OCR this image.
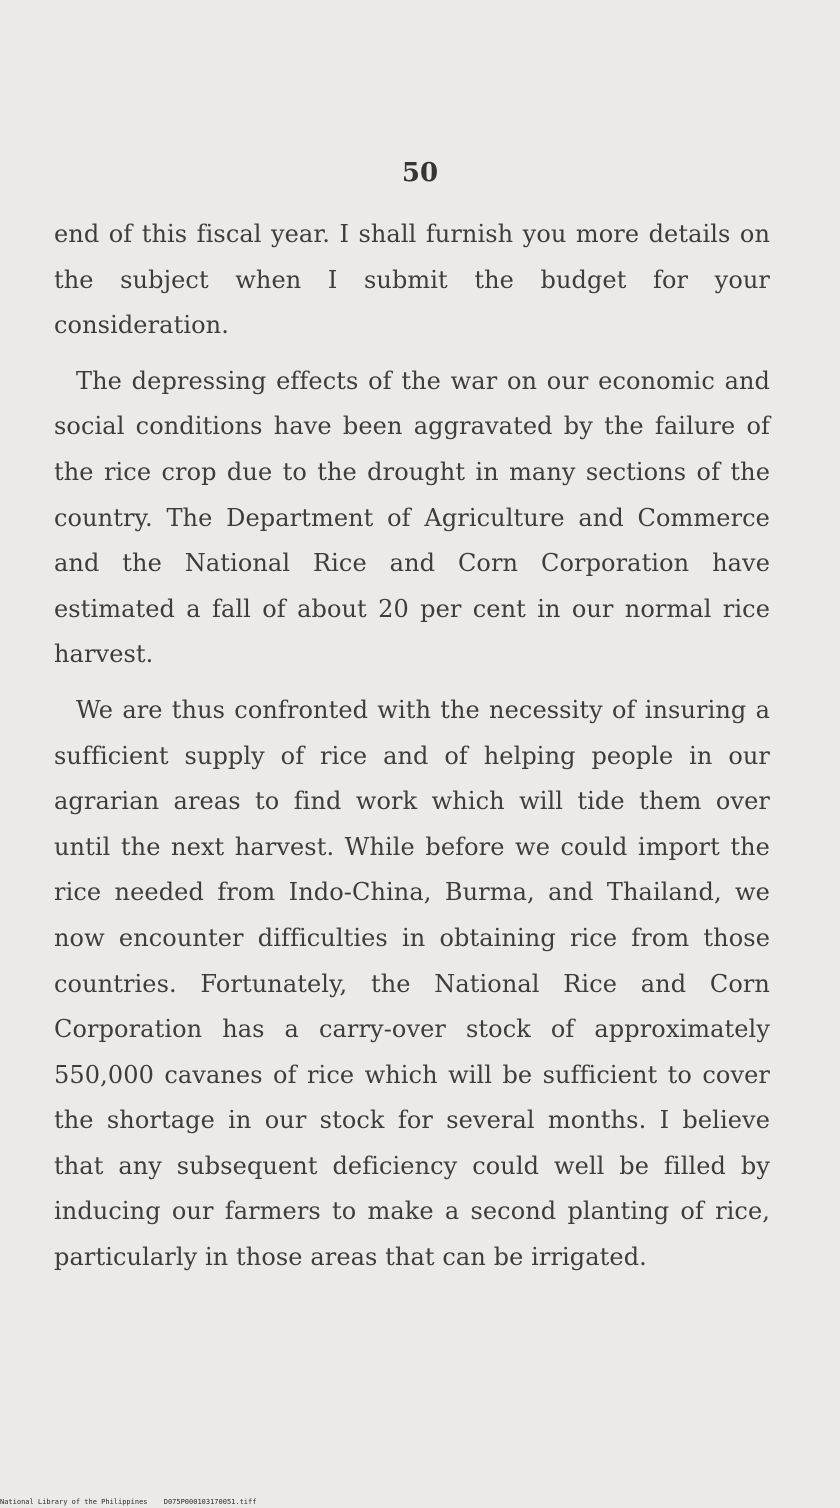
50

end of this fiscal year. I shall furnish you more details on the subject when I submit the budget for your consideration.

The depressing effects of the war on our economic and social conditions have been aggravated by the failure of the rice crop due to the drought in many sections of the country. The Department of Agriculture and Commerce and the National Rice and Corn Corporation have estimated a fall of about 20 per cent in our normal rice harvest.

We are thus confronted with the necessity of insuring a sufficient supply of rice and of helping people in our agrarian areas to find work which will tide them over until the next harvest. While before we could import the rice needed from Indo-China, Burma, and Thailand, we now encounter difficulties in obtaining rice from those countries. Fortunately, the National Rice and Corn Corporation has a carry-over stock of approximately 550,000 cavanes of rice which will be sufficient to cover the shortage in our stock for several months. I believe that any subsequent deficiency could well be filled by inducing our farmers to make a second planting of rice, particularly in those areas that can be irrigated.

National Library of the Philippines D075P000103170051.tiff
